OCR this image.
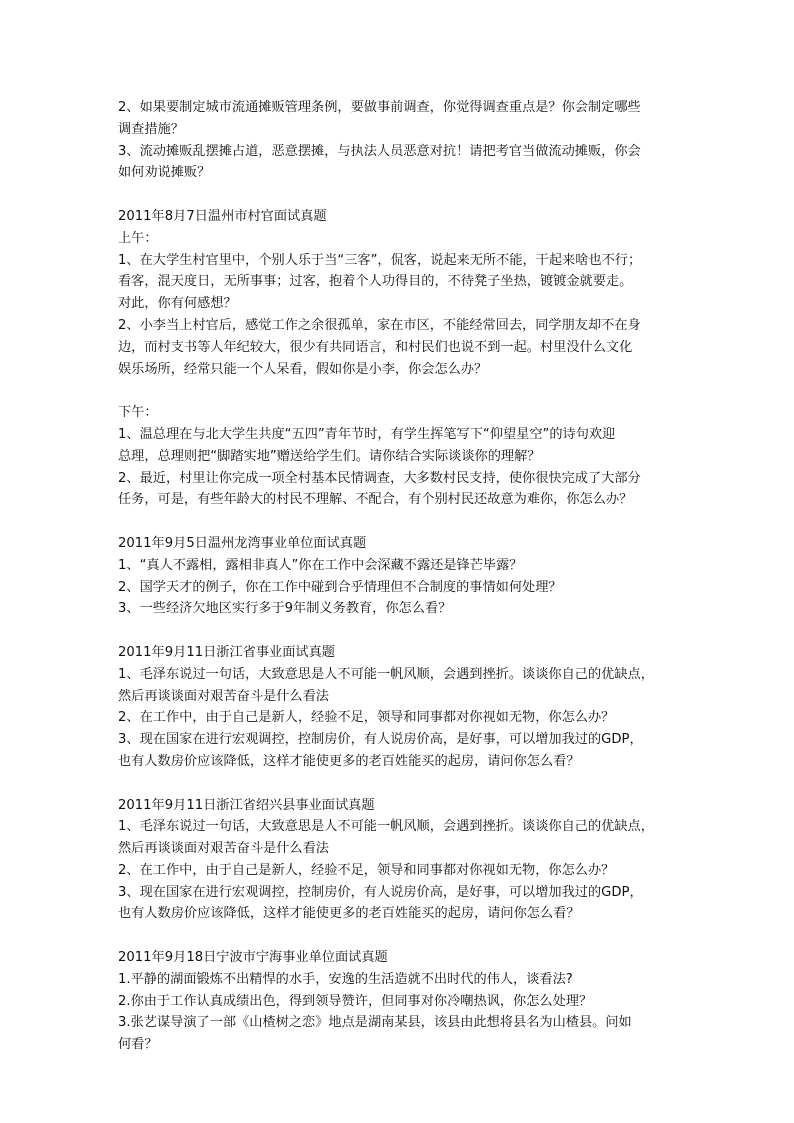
2、如果要制定城市流通摊贩管理条例，要做事前调查，你觉得调查重点是？你会制定哪些
调查措施？
3、流动摊贩乱摆摊占道，恶意摆摊，与执法人员恶意对抗！请把考官当做流动摊贩，你会
如何劝说摊贩？
2011年8月7日温州市村官面试真题
上午：
1、在大学生村官里中，个别人乐于当“三客”，侃客，说起来无所不能，干起来啥也不行；
看客，混天度日，无所事事；过客，抱着个人功得目的，不待凳子坐热，镀镀金就要走。
对此，你有何感想？
2、小李当上村官后，感觉工作之余很孤单，家在市区，不能经常回去，同学朋友却不在身
边，而村支书等人年纪较大，很少有共同语言，和村民们也说不到一起。村里没什么文化
娱乐场所，经常只能一个人呆看，假如你是小李，你会怎么办？
下午：
1、温总理在与北大学生共度“五四”青年节时，有学生挥笔写下“仰望星空”的诗句欢迎
总理，总理则把“脚踏实地”赠送给学生们。请你结合实际谈谈你的理解？
2、最近，村里让你完成一项全村基本民情调查，大多数村民支持，使你很快完成了大部分
任务，可是，有些年龄大的村民不理解、不配合，有个别村民还故意为难你，你怎么办？
2011年9月5日温州龙湾事业单位面试真题
1、“真人不露相，露相非真人”你在工作中会深藏不露还是锋芒毕露？
2、国学天才的例子，你在工作中碰到合乎情理但不合制度的事情如何处理？
3、一些经济欠地区实行多于9年制义务教育，你怎么看？
2011年9月11日浙江省事业面试真题
1、毛泽东说过一句话，大致意思是人不可能一帆风顺，会遇到挫折。谈谈你自己的优缺点，
然后再谈谈面对艰苦奋斗是什么看法
2、在工作中，由于自己是新人，经验不足，领导和同事都对你视如无物，你怎么办？
3、现在国家在进行宏观调控，控制房价，有人说房价高，是好事，可以增加我过的GDP，
也有人数房价应该降低，这样才能使更多的老百姓能买的起房，请问你怎么看？
2011年9月11日浙江省绍兴县事业面试真题
1、毛泽东说过一句话，大致意思是人不可能一帆风顺，会遇到挫折。谈谈你自己的优缺点，
然后再谈谈面对艰苦奋斗是什么看法
2、在工作中，由于自己是新人，经验不足，领导和同事都对你视如无物，你怎么办？
3、现在国家在进行宏观调控，控制房价，有人说房价高，是好事，可以增加我过的GDP，
也有人数房价应该降低，这样才能使更多的老百姓能买的起房，请问你怎么看？
2011年9月18日宁波市宁海事业单位面试真题
1.平静的湖面锻炼不出精悍的水手，安逸的生活造就不出时代的伟人，谈看法?
2.你由于工作认真成绩出色，得到领导赞许，但同事对你冷嘲热讽，你怎么处理？
3.张艺谋导演了一部《山楂树之恋》地点是湖南某县，该县由此想将县名为山楂县。问如
何看？
